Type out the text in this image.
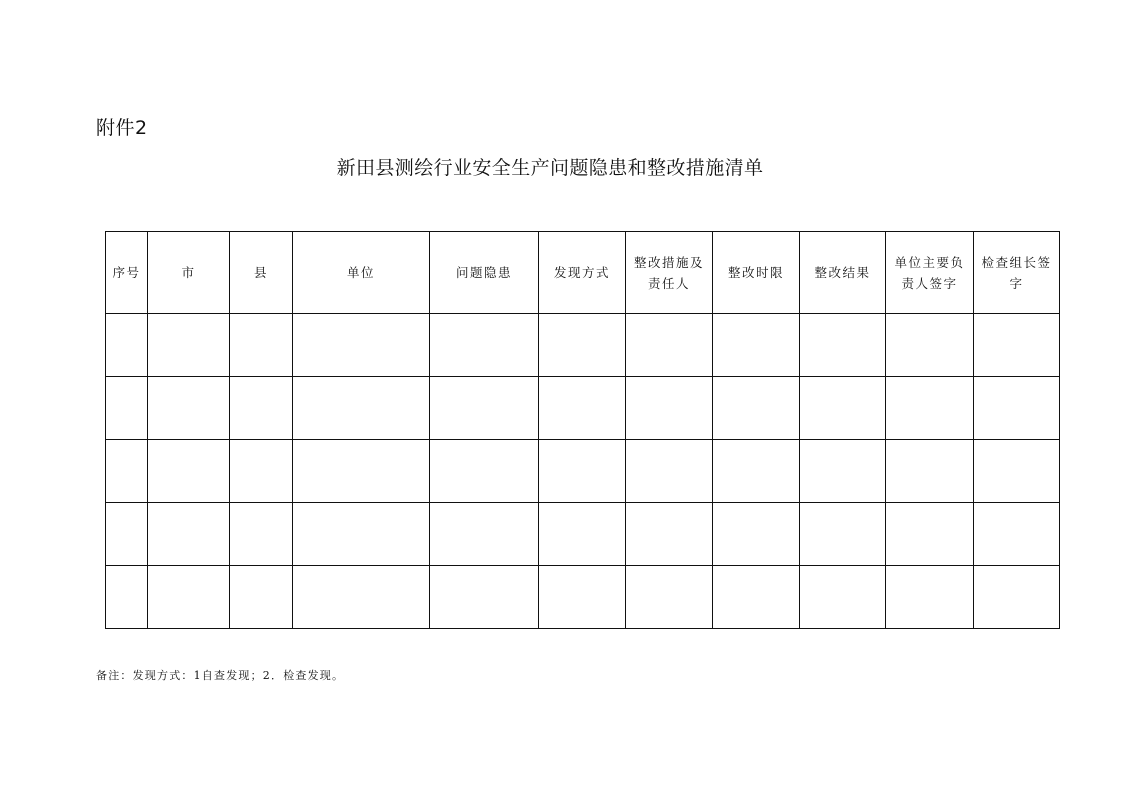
附件2
新田县测绘行业安全生产问题隐患和整改措施清单
序号	市	县	单位	问题隐患	发现方式	整改措施及责任人	整改时限	整改结果	单位主要负责人签字	检查组长签字

备注：发现方式：1自查发现；2．检查发现。
